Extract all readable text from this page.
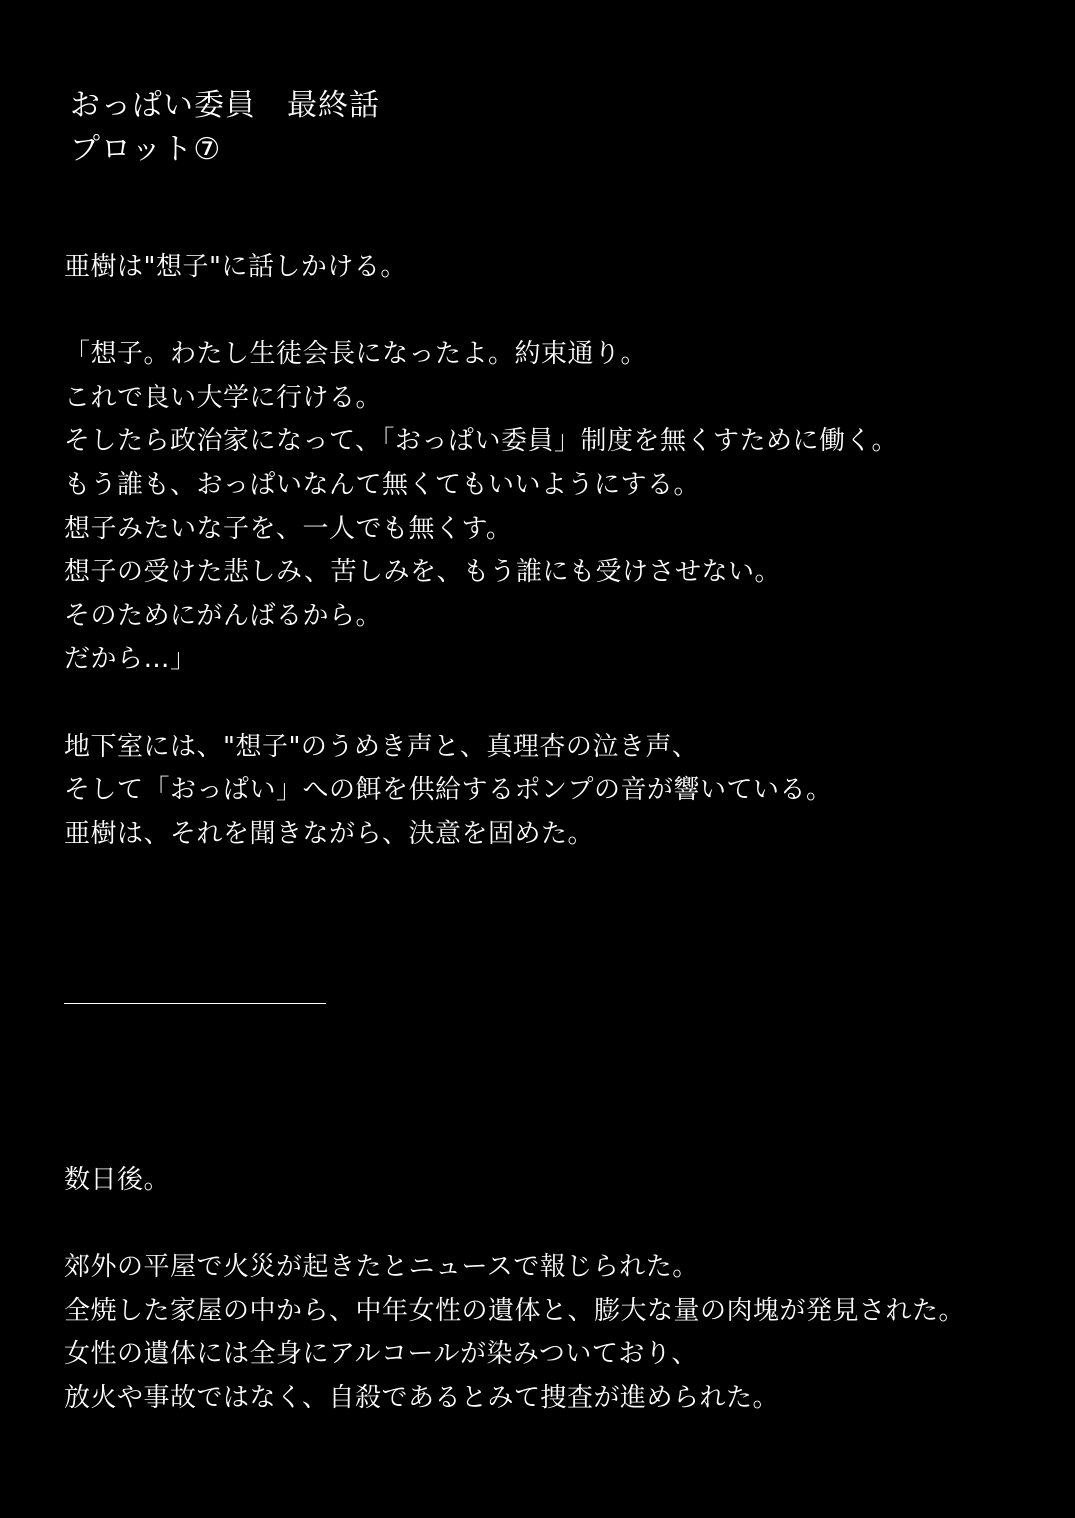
おっぱい委員　最終話
プロット⑦

亜樹は"想子"に話しかける。

「想子。わたし生徒会長になったよ。約束通り。

これで良い大学に行ける。

そしたら政治家になって、「おっぱい委員」制度を無くすために働く。

もう誰も、おっぱいなんて無くてもいいようにする。

想子みたいな子を、一人でも無くす。

想子の受けた悲しみ、苦しみを、もう誰にも受けさせない。

そのためにがんばるから。

だから…」

地下室には、"想子"のうめき声と、真理杏の泣き声、

そして「おっぱい」への餌を供給するポンプの音が響いている。

亜樹は、それを聞きながら、決意を固めた。

数日後。

郊外の平屋で火災が起きたとニュースで報じられた。

全焼した家屋の中から、中年女性の遺体と、膨大な量の肉塊が発見された。

女性の遺体には全身にアルコールが染みついており、

放火や事故ではなく、自殺であるとみて捜査が進められた。
